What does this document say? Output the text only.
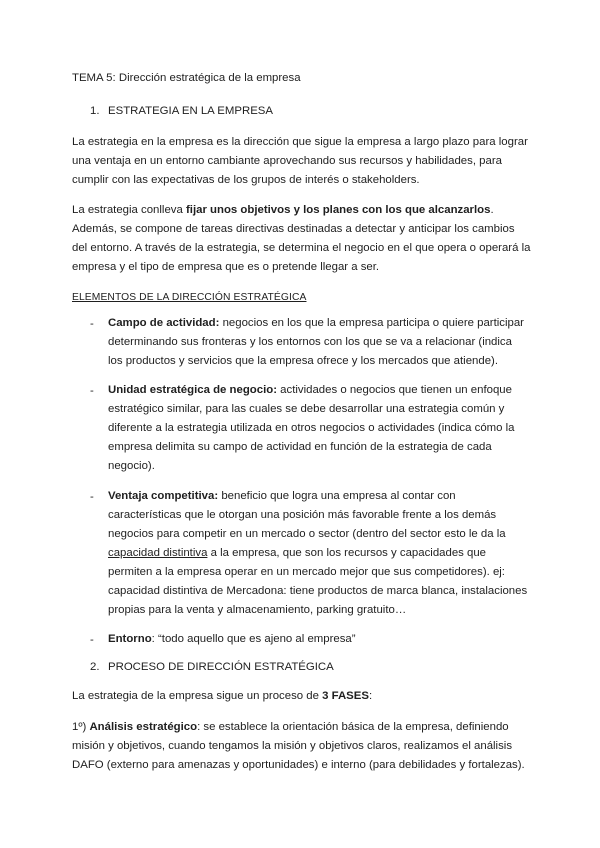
TEMA 5: Dirección estratégica de la empresa
1. ESTRATEGIA EN LA EMPRESA

La estrategia en la empresa es la dirección que sigue la empresa a largo plazo para lograr una ventaja en un entorno cambiante aprovechando sus recursos y habilidades, para cumplir con las expectativas de los grupos de interés o stakeholders.

La estrategia conlleva fijar unos objetivos y los planes con los que alcanzarlos. Además, se compone de tareas directivas destinadas a detectar y anticipar los cambios del entorno. A través de la estrategia, se determina el negocio en el que opera o operará la empresa y el tipo de empresa que es o pretende llegar a ser.

ELEMENTOS DE LA DIRECCIÓN ESTRATÉGICA
- Campo de actividad: negocios en los que la empresa participa o quiere participar determinando sus fronteras y los entornos con los que se va a relacionar (indica los productos y servicios que la empresa ofrece y los mercados que atiende).

- Unidad estratégica de negocio: actividades o negocios que tienen un enfoque estratégico similar, para las cuales se debe desarrollar una estrategia común y diferente a la estrategia utilizada en otros negocios o actividades (indica cómo la empresa delimita su campo de actividad en función de la estrategia de cada negocio).

- Ventaja competitiva: beneficio que logra una empresa al contar con características que le otorgan una posición más favorable frente a los demás negocios para competir en un mercado o sector (dentro del sector esto le da la capacidad distintiva a la empresa, que son los recursos y capacidades que permiten a la empresa operar en un mercado mejor que sus competidores). ej: capacidad distintiva de Mercadona: tiene productos de marca blanca, instalaciones propias para la venta y almacenamiento, parking gratuito…

- Entorno: “todo aquello que es ajeno al empresa”

2. PROCESO DE DIRECCIÓN ESTRATÉGICA

La estrategia de la empresa sigue un proceso de 3 FASES:

1º) Análisis estratégico: se establece la orientación básica de la empresa, definiendo misión y objetivos, cuando tengamos la misión y objetivos claros, realizamos el análisis DAFO (externo para amenazas y oportunidades) e interno (para debilidades y fortalezas).
